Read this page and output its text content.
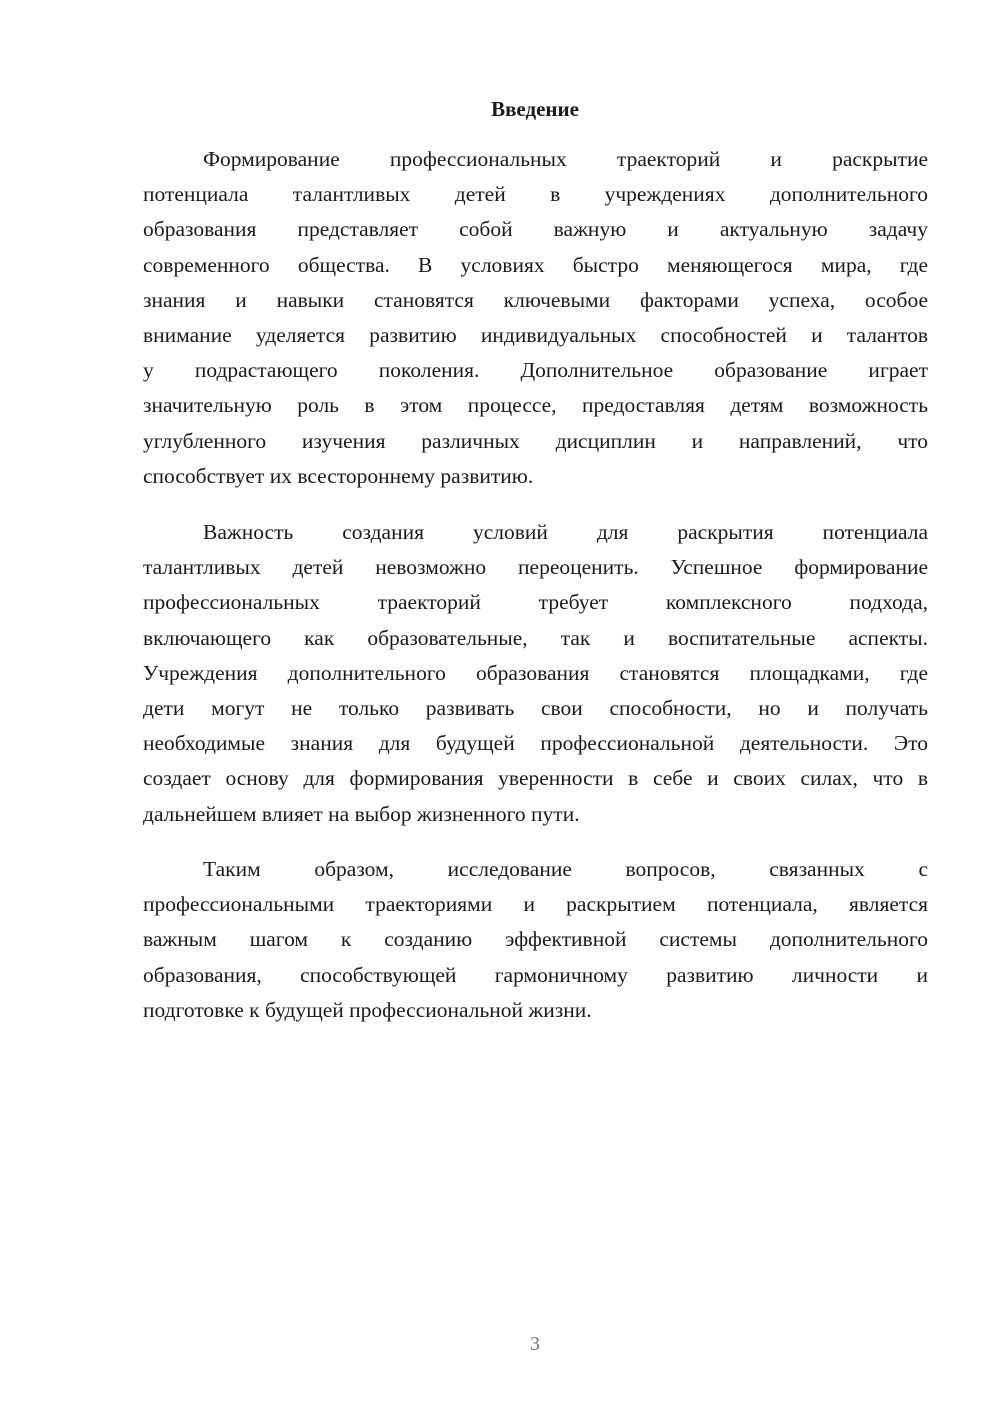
Введение
Формирование профессиональных траекторий и раскрытие
потенциала талантливых детей в учреждениях дополнительного
образования представляет собой важную и актуальную задачу
современного общества. В условиях быстро меняющегося мира, где
знания и навыки становятся ключевыми факторами успеха, особое
внимание уделяется развитию индивидуальных способностей и талантов
у подрастающего поколения. Дополнительное образование играет
значительную роль в этом процессе, предоставляя детям возможность
углубленного изучения различных дисциплин и направлений, что
способствует их всестороннему развитию.
Важность создания условий для раскрытия потенциала
талантливых детей невозможно переоценить. Успешное формирование
профессиональных траекторий требует комплексного подхода,
включающего как образовательные, так и воспитательные аспекты.
Учреждения дополнительного образования становятся площадками, где
дети могут не только развивать свои способности, но и получать
необходимые знания для будущей профессиональной деятельности. Это
создает основу для формирования уверенности в себе и своих силах, что в
дальнейшем влияет на выбор жизненного пути.
Таким образом, исследование вопросов, связанных с
профессиональными траекториями и раскрытием потенциала, является
важным шагом к созданию эффективной системы дополнительного
образования, способствующей гармоничному развитию личности и
подготовке к будущей профессиональной жизни.
3
